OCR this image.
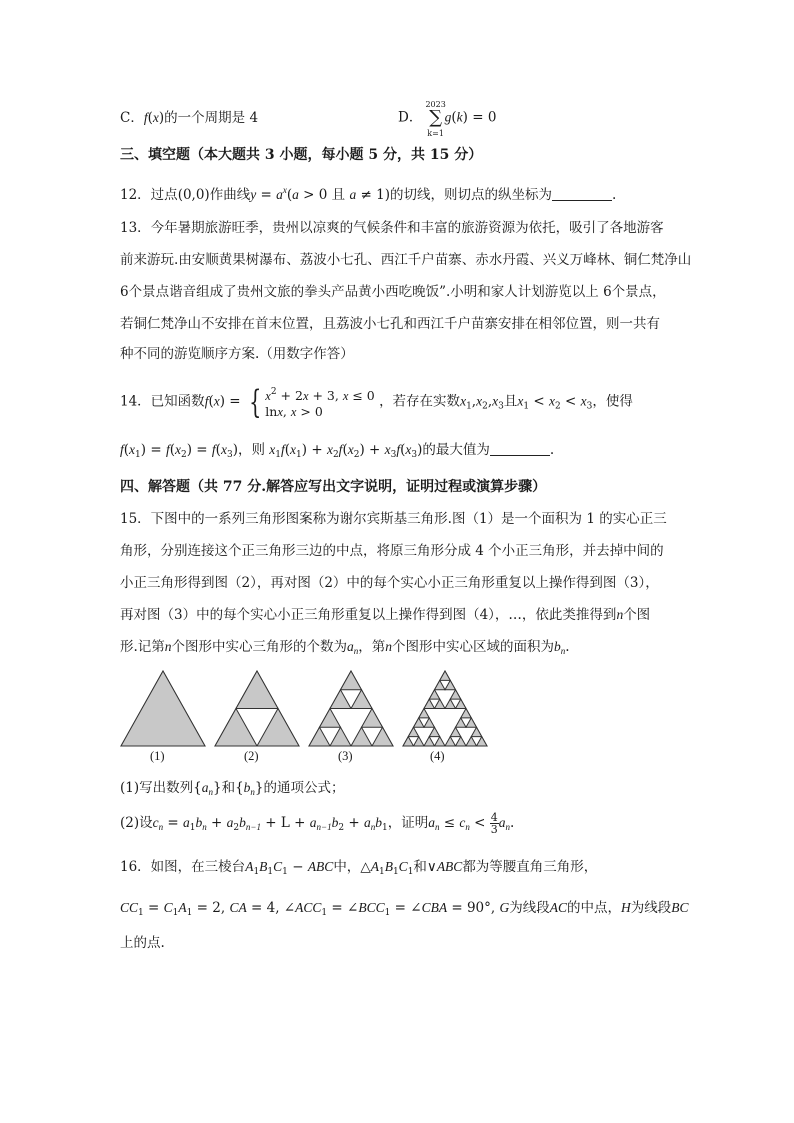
C．f(x)的一个周期是 4	D．
2023
∑
k=1
g(k) = 0
三、填空题（本大题共 3 小题，每小题 5 分，共 15 分）
12．过点(0,0)作曲线$y = a^x(a > 0$ 且 a ≠ 1)的切线，则切点的纵坐标为	.
13．今年暑期旅游旺季，贵州以凉爽的气候条件和丰富的旅游资源为依托，吸引了各地游客
前来游玩.由安顺黄果树瀑布、荔波小七孔、西江千户苗寨、赤水丹霞、兴义万峰林、铜仁梵净山
6个景点谐音组成了贵州文旅的拳头产品黄小西吃晚饭”.小明和家人计划游览以上 6个景点，
若铜仁梵净山不安排在首末位置，且荔波小七孔和西江千户苗寨安排在相邻位置，则一共有
种不同的游览顺序方案.（用数字作答）
14．已知函数f(x) = { $x^2 + 2x + 3$, x ≤ 0
lnx, x > 0
，若存在实数$x_1,x_2,x_3$且$x_1 < x_2 < x_3$，使得
$f(x_1) = f(x_2) = f(x_3)$，则 $x_1f(x_1) + x_2f(x_2) + x_3f(x_3)$的最大值为	.
四、解答题（共 77 分.解答应写出文字说明，证明过程或演算步骤）
15．下图中的一系列三角形图案称为谢尔宾斯基三角形.图（1）是一个面积为 1 的实心正三
角形，分别连接这个正三角形三边的中点，将原三角形分成 4 个小正三角形，并去掉中间的
小正三角形得到图（2），再对图（2）中的每个实心小正三角形重复以上操作得到图（3），
再对图（3）中的每个实心小正三角形重复以上操作得到图（4），…，依此类推得到n个图
形.记第n个图形中实心三角形的个数为$a_n$，第n个图形中实心区域的面积为$b_n$.
(1)	(2)	(3)	(4)
(1)写出数列$\{a_n\}$和$\{b_n\}$的通项公式；
(2)设$c_n = a_1b_n + a_2b_{n-1} + L + a_{n-1}b_2 + a_nb_1$，证明$a_n \le c_n < \frac{4}{3} a_n$.
16．如图，在三棱台$A_1B_1C_1$ − ABC中，$\triangle A_1B_1C_1$和∨ABC都为等腰直角三角形，
$CC_1 = C_1A_1 = 2$, CA = 4, $\angle ACC_1$ = $\angle BCC_1$ = ∠CBA = 90°, G为线段AC的中点，H为线段BC
上的点.
